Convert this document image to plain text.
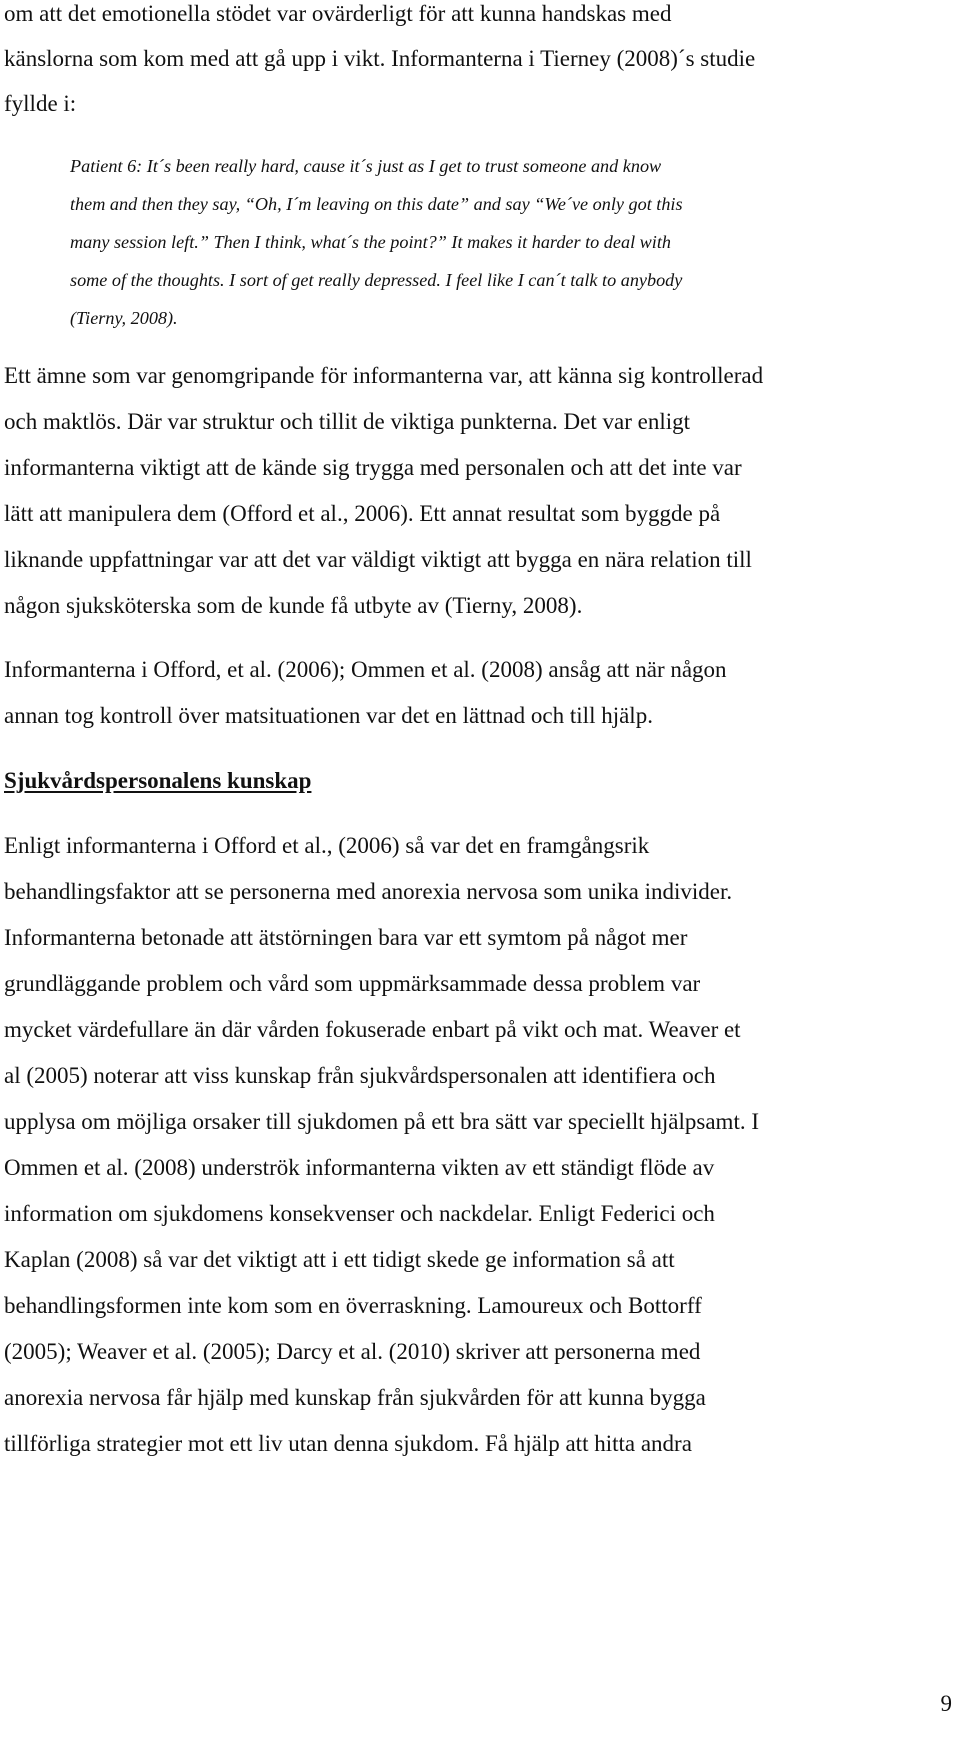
om att det emotionella stödet var ovärderligt för att kunna handskas med
känslorna som kom med att gå upp i vikt. Informanterna i Tierney (2008)´s studie
fyllde i:
Patient 6: It´s been really hard, cause it´s just as I get to trust someone and know
them and then they say, “Oh, I´m leaving on this date” and say “We´ve only got this
many session left.” Then I think, what´s the point?” It makes it harder to deal with
some of the thoughts. I sort of get really depressed. I feel like I can´t talk to anybody
(Tierny, 2008).
Ett ämne som var genomgripande för informanterna var, att känna sig kontrollerad
och maktlös. Där var struktur och tillit de viktiga punkterna. Det var enligt
informanterna viktigt att de kände sig trygga med personalen och att det inte var
lätt att manipulera dem (Offord et al., 2006). Ett annat resultat som byggde på
liknande uppfattningar var att det var väldigt viktigt att bygga en nära relation till
någon sjuksköterska som de kunde få utbyte av (Tierny, 2008).
Informanterna i Offord, et al. (2006); Ommen et al. (2008) ansåg att när någon
annan tog kontroll över matsituationen var det en lättnad och till hjälp.
Sjukvårdspersonalens kunskap
Enligt informanterna i Offord et al., (2006) så var det en framgångsrik
behandlingsfaktor att se personerna med anorexia nervosa som unika individer.
Informanterna betonade att ätstörningen bara var ett symtom på något mer
grundläggande problem och vård som uppmärksammade dessa problem var
mycket värdefullare än där vården fokuserade enbart på vikt och mat. Weaver et
al (2005) noterar att viss kunskap från sjukvårdspersonalen att identifiera och
upplysa om möjliga orsaker till sjukdomen på ett bra sätt var speciellt hjälpsamt. I
Ommen et al. (2008) underströk informanterna vikten av ett ständigt flöde av
information om sjukdomens konsekvenser och nackdelar. Enligt Federici och
Kaplan (2008) så var det viktigt att i ett tidigt skede ge information så att
behandlingsformen inte kom som en överraskning. Lamoureux och Bottorff
(2005); Weaver et al. (2005); Darcy et al. (2010) skriver att personerna med
anorexia nervosa får hjälp med kunskap från sjukvården för att kunna bygga
tillförliga strategier mot ett liv utan denna sjukdom. Få hjälp att hitta andra
9
